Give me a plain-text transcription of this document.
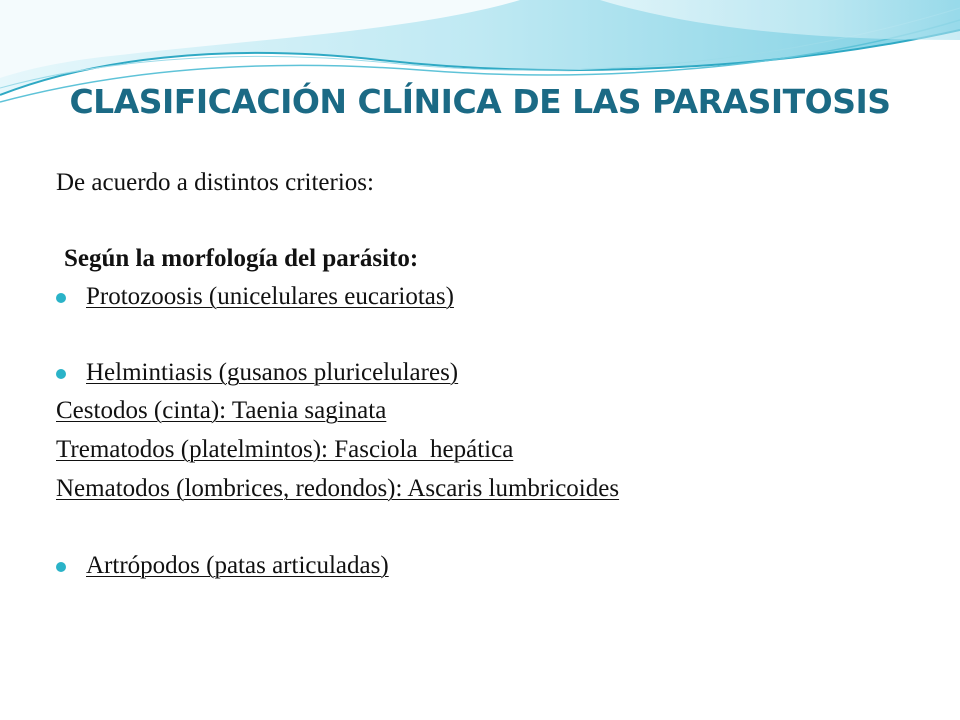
CLASIFICACIÓN CLÍNICA DE LAS PARASITOSIS
De acuerdo a distintos criterios:
Según la morfología del parásito:
Protozoosis (unicelulares eucariotas)
Helmintiasis (gusanos pluricelulares)
Cestodos (cinta): Taenia saginata
Trematodos (platelmintos): Fasciola  hepática
Nematodos (lombrices, redondos): Ascaris lumbricoides
Artrópodos (patas articuladas)
